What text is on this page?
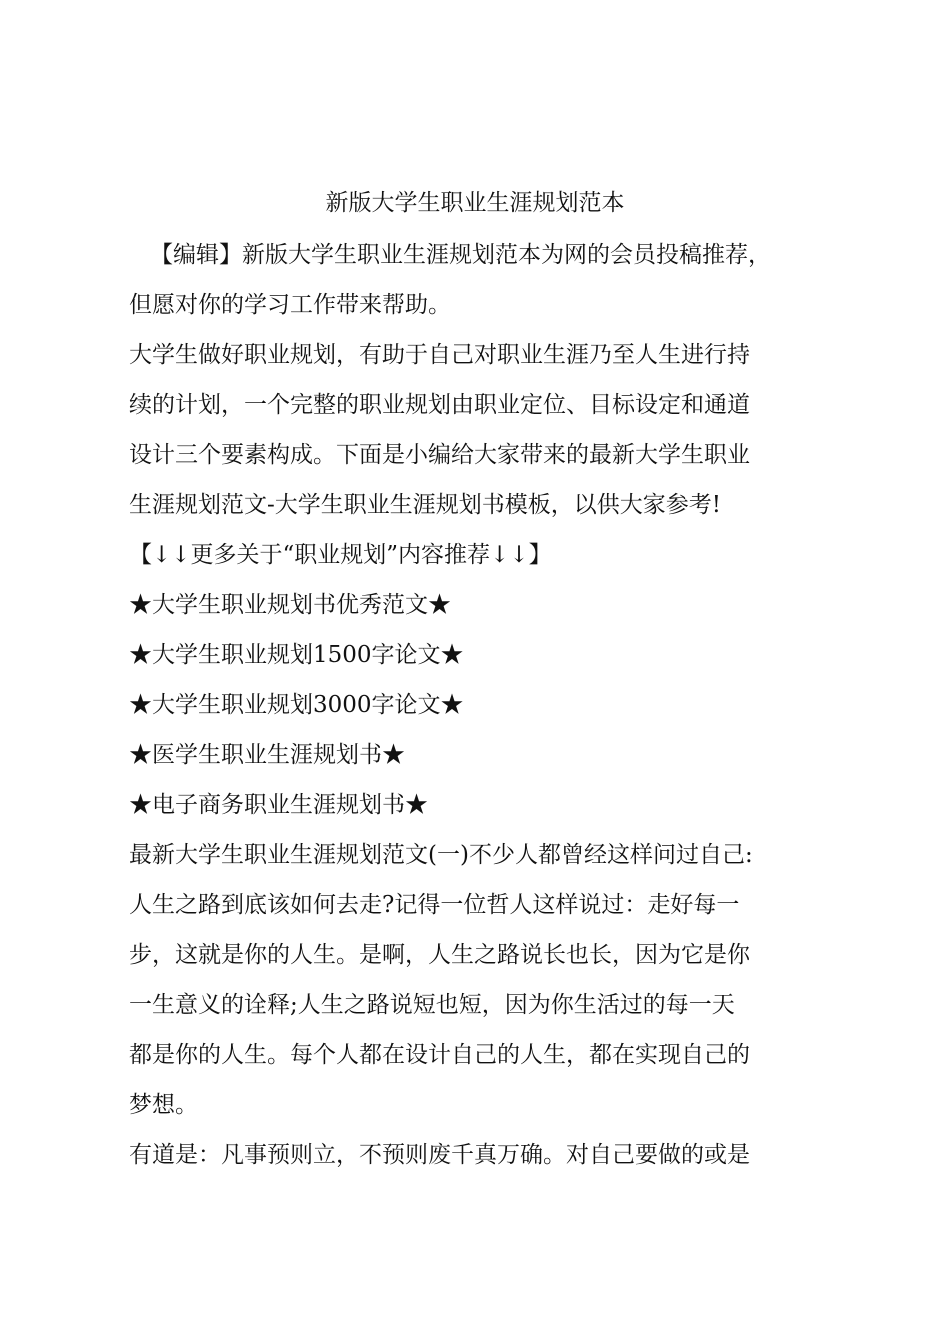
新版大学生职业生涯规划范本
【编辑】新版大学生职业生涯规划范本为网的会员投稿推荐，
但愿对你的学习工作带来帮助。
大学生做好职业规划，有助于自己对职业生涯乃至人生进行持
续的计划，一个完整的职业规划由职业定位、目标设定和通道
设计三个要素构成。下面是小编给大家带来的最新大学生职业
生涯规划范文-大学生职业生涯规划书模板，以供大家参考!
【↓↓更多关于“职业规划”内容推荐↓↓】
★大学生职业规划书优秀范文★
★大学生职业规划1500字论文★
★大学生职业规划3000字论文★
★医学生职业生涯规划书★
★电子商务职业生涯规划书★
最新大学生职业生涯规划范文(一)不少人都曾经这样问过自己:
人生之路到底该如何去走?记得一位哲人这样说过：走好每一
步，这就是你的人生。是啊，人生之路说长也长，因为它是你
一生意义的诠释;人生之路说短也短，因为你生活过的每一天
都是你的人生。每个人都在设计自己的人生，都在实现自己的
梦想。
有道是：凡事预则立，不预则废千真万确。对自己要做的或是
